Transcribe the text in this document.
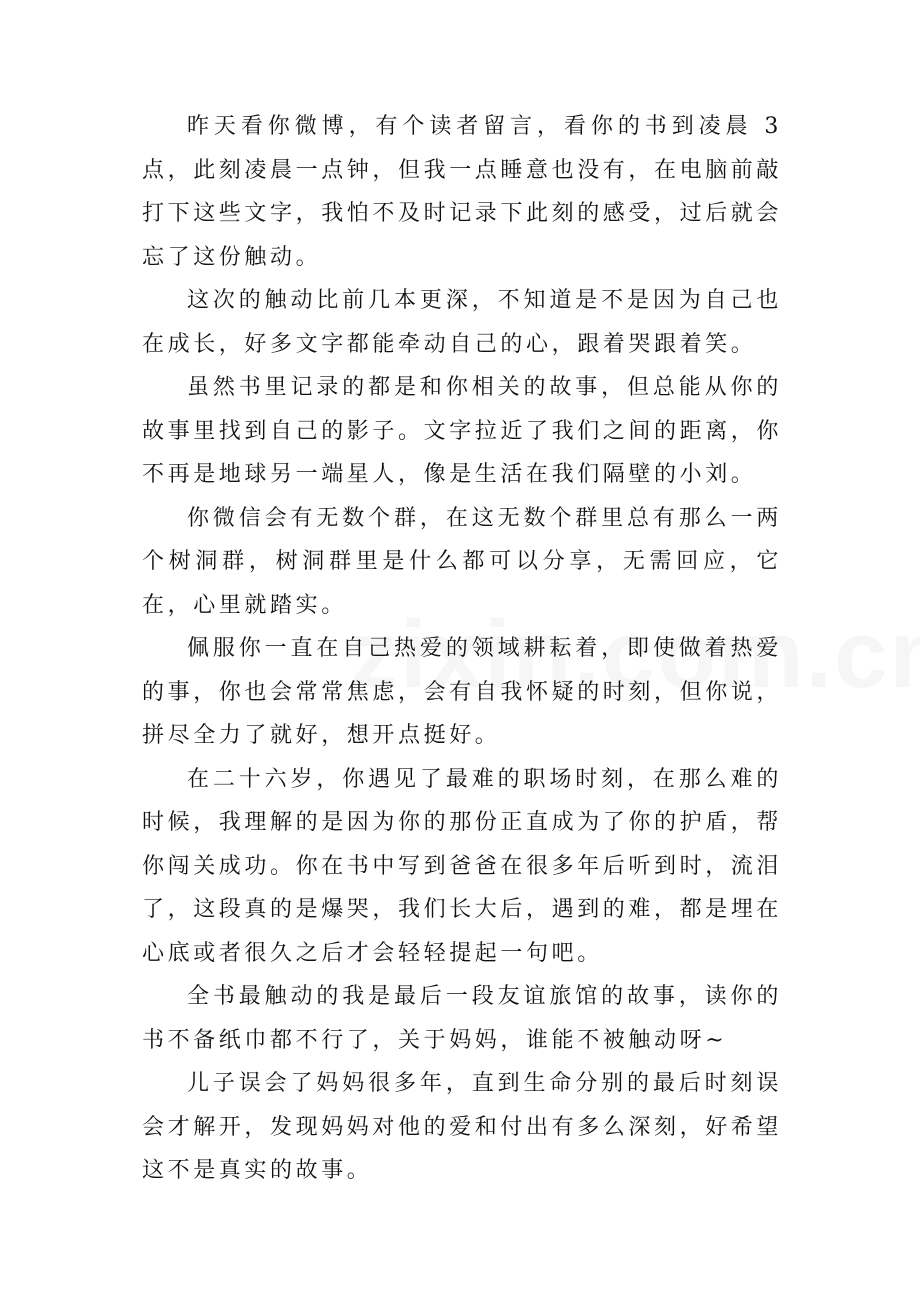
昨天看你微博，有个读者留言，看你的书到凌晨 3 点，此刻凌晨一点钟，但我一点睡意也没有，在电脑前敲打下这些文字，我怕不及时记录下此刻的感受，过后就会忘了这份触动。

这次的触动比前几本更深，不知道是不是因为自己也在成长，好多文字都能牵动自己的心，跟着哭跟着笑。

虽然书里记录的都是和你相关的故事，但总能从你的故事里找到自己的影子。文字拉近了我们之间的距离，你不再是地球另一端星人，像是生活在我们隔壁的小刘。

你微信会有无数个群，在这无数个群里总有那么一两个树洞群，树洞群里是什么都可以分享，无需回应，它在，心里就踏实。

佩服你一直在自己热爱的领域耕耘着，即使做着热爱的事，你也会常常焦虑，会有自我怀疑的时刻，但你说，拼尽全力了就好，想开点挺好。

在二十六岁，你遇见了最难的职场时刻，在那么难的时候，我理解的是因为你的那份正直成为了你的护盾，帮你闯关成功。你在书中写到爸爸在很多年后听到时，流泪了，这段真的是爆哭，我们长大后，遇到的难，都是埋在心底或者很久之后才会轻轻提起一句吧。

全书最触动的我是最后一段友谊旅馆的故事，读你的书不备纸巾都不行了，关于妈妈，谁能不被触动呀~

儿子误会了妈妈很多年，直到生命分别的最后时刻误会才解开，发现妈妈对他的爱和付出有多么深刻，好希望这不是真实的故事。
